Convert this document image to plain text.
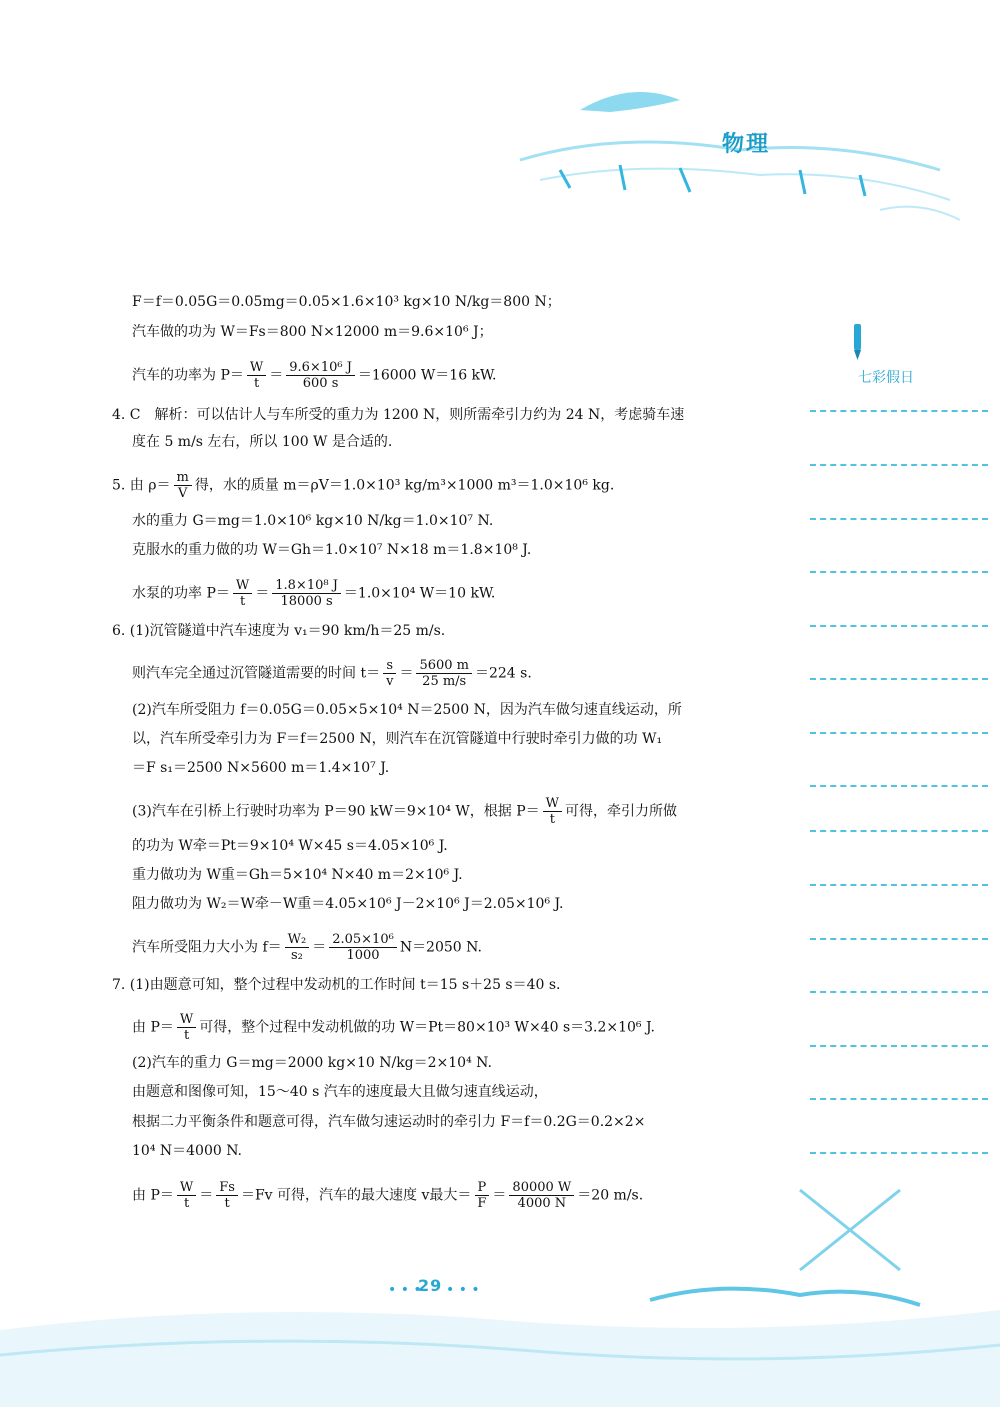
物理
七彩假日
F＝f＝0.05G＝0.05mg＝0.05×1.6×10³ kg×10 N/kg＝800 N；
汽车做的功为 W＝Fs＝800 N×12000 m＝9.6×10⁶ J；
汽车的功率为 $P= \frac{W}{t} = \frac{\text{9.6×10⁶ J}}{600 s} =16000$ W＝16 kW.
4. C　解析：可以估计人与车所受的重力为 1200 N，则所需牵引力约为 24 N，考虑骑车速
度在 5 m/s 左右，所以 100 W 是合适的.
5. 由 $\rho= \frac{m}{V}$ 得，水的质量 m＝ρV＝1.0×10³ kg/m³×1000 m³＝1.0×10⁶ kg.
水的重力 G＝mg＝1.0×10⁶ kg×10 N/kg＝1.0×10⁷ N.
克服水的重力做的功 W＝Gh＝1.0×10⁷ N×18 m＝1.8×10⁸ J.
水泵的功率 $P= \frac{W}{t} = \frac{\text{1.8×10⁸ J}}{18000 s} =1.0\times 10^4$ W＝10 kW.
6. (1)沉管隧道中汽车速度为 v₁＝90 km/h＝25 m/s.
则汽车完全通过沉管隧道需要的时间 $t= \frac{s}{v} = \frac{5600 m}{25 m/s} =224$ s.
(2)汽车所受阻力 f＝0.05G＝0.05×5×10⁴ N＝2500 N，因为汽车做匀速直线运动，所
以，汽车所受牵引力为 F＝f＝2500 N，则汽车在沉管隧道中行驶时牵引力做的功 W₁
＝F s₁＝2500 N×5600 m＝1.4×10⁷ J.
(3)汽车在引桥上行驶时功率为 P＝90 kW＝9×10⁴ W，根据 $P= \frac{W}{t}$ 可得，牵引力所做
的功为 W牵＝Pt＝9×10⁴ W×45 s＝4.05×10⁶ J.
重力做功为 W重＝Gh＝5×10⁴ N×40 m＝2×10⁶ J.
阻力做功为 W₂＝W牵－W重＝4.05×10⁶ J－2×10⁶ J＝2.05×10⁶ J.
汽车所受阻力大小为 $f= \frac{\text{W₂}}{\text{s₂}} = \frac{\text{2.05×10⁶}}{1000} N=2050$ N.
7. (1)由题意可知，整个过程中发动机的工作时间 t＝15 s＋25 s＝40 s.
由 $P= \frac{W}{t}$ 可得，整个过程中发动机做的功 W＝Pt＝80×10³ W×40 s＝3.2×10⁶ J.
(2)汽车的重力 G＝mg＝2000 kg×10 N/kg＝2×10⁴ N.
由题意和图像可知，15～40 s 汽车的速度最大且做匀速直线运动，
根据二力平衡条件和题意可得，汽车做匀速运动时的牵引力 F＝f＝0.2G＝0.2×2×
10⁴ N＝4000 N.
由 $P= \frac{W}{t} = \frac{Fs}{t} =Fv$ 可得，汽车的最大速度 v最大＝ $\frac{P}{F} = \frac{80000 W}{4000 N} =20$ m/s.
• • •
29 • • •
